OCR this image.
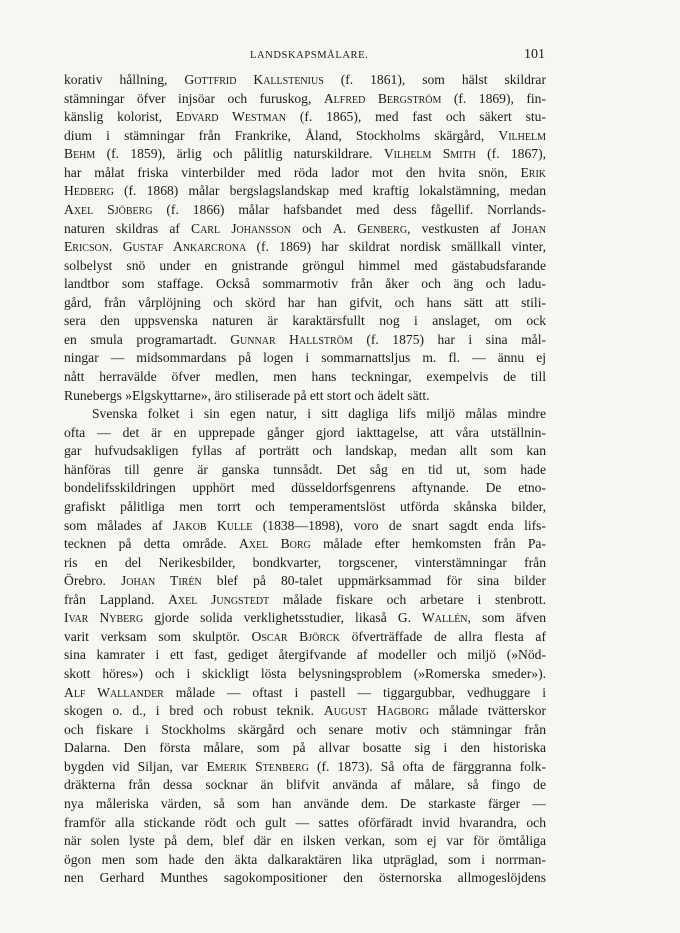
LANDSKAPSMÅLARE.	101
korativ hållning, Gottfrid Kallstenius (f. 1861), som hälst skildrar
stämningar öfver injsöar och furuskog, Alfred Bergström (f. 1869), fin-
känslig kolorist, Edvard Westman (f. 1865), med fast och säkert stu-
dium i stämningar från Frankrike, Åland, Stockholms skärgård, Vilhelm
Behm (f. 1859), ärlig och pålitlig naturskildrare. Vilhelm Smith (f. 1867),
har målat friska vinterbilder med röda lador mot den hvita snön, Erik
Hedberg (f. 1868) målar bergslagslandskap med kraftig lokalstämning, medan
Axel Sjöberg (f. 1866) målar hafsbandet med dess fågellif. Norrlands-
naturen skildras af Carl Johansson och A. Genberg, vestkusten af Johan
Ericson. Gustaf Ankarcrona (f. 1869) har skildrat nordisk smällkall vinter,
solbelyst snö under en gnistrande gröngul himmel med gästabudsfarande
landtbor som staffage. Också sommarmotiv från åker och äng och ladu-
gård, från vårplöjning och skörd har han gifvit, och hans sätt att stili-
sera den uppsvenska naturen är karaktärsfullt nog i anslaget, om ock
en smula programartadt. Gunnar Hallström (f. 1875) har i sina mål-
ningar — midsommardans på logen i sommarnattsljus m. fl. — ännu ej
nått herravälde öfver medlen, men hans teckningar, exempelvis de till
Runebergs »Elgskyttarne», äro stiliserade på ett stort och ädelt sätt.
Svenska folket i sin egen natur, i sitt dagliga lifs miljö målas mindre
ofta — det är en upprepade gånger gjord iakttagelse, att våra utställnin-
gar hufvudsakligen fyllas af porträtt och landskap, medan allt som kan
hänföras till genre är ganska tunnsådt. Det såg en tid ut, som hade
bondelifsskildringen upphört med düsseldorfsgenrens aftynande. De etno-
grafiskt pålitliga men torrt och temperamentslöst utförda skånska bilder,
som målades af Jakob Kulle (1838—1898), voro de snart sagdt enda lifs-
tecknen på detta område. Axel Borg målade efter hemkomsten från Pa-
ris en del Nerikesbilder, bondkvarter, torgscener, vinterstämningar från
Örebro. Johan Tirén blef på 80-talet uppmärksammad för sina bilder
från Lappland. Axel Jungstedt målade fiskare och arbetare i stenbrott.
Ivar Nyberg gjorde solida verklighetsstudier, likaså G. Wallén, som äfven
varit verksam som skulptör. Oscar Björck öfverträffade de allra flesta af
sina kamrater i ett fast, gediget återgifvande af modeller och miljö (»Nöd-
skott höres») och i skickligt lösta belysningsproblem (»Romerska smeder»).
Alf Wallander målade — oftast i pastell — tiggargubbar, vedhuggare i
skogen o. d., i bred och robust teknik. August Hagborg målade tvätterskor
och fiskare i Stockholms skärgård och senare motiv och stämningar från
Dalarna. Den första målare, som på allvar bosatte sig i den historiska
bygden vid Siljan, var Emerik Stenberg (f. 1873). Så ofta de färggranna folk-
dräkterna från dessa socknar än blifvit använda af målare, så fingo de
nya måleriska värden, så som han använde dem. De starkaste färger —
framför alla stickande rödt och gult — sattes oförfäradt invid hvarandra, och
när solen lyste på dem, blef där en ilsken verkan, som ej var för ömtåliga
ögon men som hade den äkta dalkaraktären lika utpräglad, som i norrman-
nen Gerhard Munthes sagokompositioner den östernorska allmogeslöjdens
